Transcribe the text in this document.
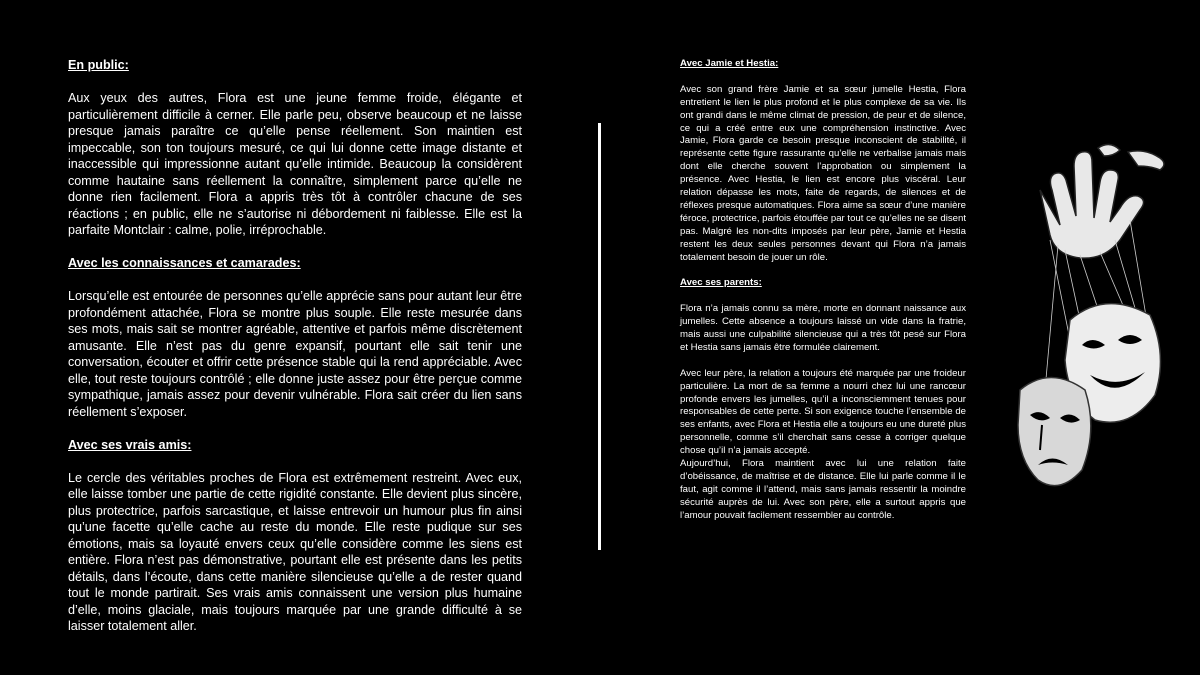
En public:

Aux yeux des autres, Flora est une jeune femme froide, élégante et particulièrement difficile à cerner. Elle parle peu, observe beaucoup et ne laisse presque jamais paraître ce qu’elle pense réellement. Son maintien est impeccable, son ton toujours mesuré, ce qui lui donne cette image distante et inaccessible qui impressionne autant qu’elle intimide. Beaucoup la considèrent comme hautaine sans réellement la connaître, simplement parce qu’elle ne donne rien facilement. Flora a appris très tôt à contrôler chacune de ses réactions ; en public, elle ne s’autorise ni débordement ni faiblesse. Elle est la parfaite Montclair : calme, polie, irréprochable.

Avec les connaissances et camarades:

Lorsqu’elle est entourée de personnes qu’elle apprécie sans pour autant leur être profondément attachée, Flora se montre plus souple. Elle reste mesurée dans ses mots, mais sait se montrer agréable, attentive et parfois même discrètement amusante. Elle n’est pas du genre expansif, pourtant elle sait tenir une conversation, écouter et offrir cette présence stable qui la rend appréciable. Avec elle, tout reste toujours contrôlé ; elle donne juste assez pour être perçue comme sympathique, jamais assez pour devenir vulnérable. Flora sait créer du lien sans réellement s’exposer.

Avec ses vrais amis:

Le cercle des véritables proches de Flora est extrêmement restreint. Avec eux, elle laisse tomber une partie de cette rigidité constante. Elle devient plus sincère, plus protectrice, parfois sarcastique, et laisse entrevoir un humour plus fin ainsi qu’une facette qu’elle cache au reste du monde. Elle reste pudique sur ses émotions, mais sa loyauté envers ceux qu’elle considère comme les siens est entière. Flora n’est pas démonstrative, pourtant elle est présente dans les petits détails, dans l’écoute, dans cette manière silencieuse qu’elle a de rester quand tout le monde partirait. Ses vrais amis connaissent une version plus humaine d’elle, moins glaciale, mais toujours marquée par une grande difficulté à se laisser totalement aller.

Avec Jamie et Hestia:

Avec son grand frère Jamie et sa sœur jumelle Hestia, Flora entretient le lien le plus profond et le plus complexe de sa vie. Ils ont grandi dans le même climat de pression, de peur et de silence, ce qui a créé entre eux une compréhension instinctive. Avec Jamie, Flora garde ce besoin presque inconscient de stabilité, il représente cette figure rassurante qu’elle ne verbalise jamais mais dont elle cherche souvent l’approbation ou simplement la présence. Avec Hestia, le lien est encore plus viscéral. Leur relation dépasse les mots, faite de regards, de silences et de réflexes presque automatiques. Flora aime sa sœur d’une manière féroce, protectrice, parfois étouffée par tout ce qu’elles ne se disent pas. Malgré les non-dits imposés par leur père, Jamie et Hestia restent les deux seules personnes devant qui Flora n’a jamais totalement besoin de jouer un rôle.

Avec ses parents:

Flora n’a jamais connu sa mère, morte en donnant naissance aux jumelles. Cette absence a toujours laissé un vide dans la fratrie, mais aussi une culpabilité silencieuse qui a très tôt pesé sur Flora et Hestia sans jamais être formulée clairement.

Avec leur père, la relation a toujours été marquée par une froideur particulière. La mort de sa femme a nourri chez lui une rancœur profonde envers les jumelles, qu’il a inconsciemment tenues pour responsables de cette perte. Si son exigence touche l’ensemble de ses enfants, avec Flora et Hestia elle a toujours eu une dureté plus personnelle, comme s’il cherchait sans cesse à corriger quelque chose qu’il n’a jamais accepté.
Aujourd’hui, Flora maintient avec lui une relation faite d’obéissance, de maîtrise et de distance. Elle lui parle comme il le faut, agit comme il l’attend, mais sans jamais ressentir la moindre sécurité auprès de lui. Avec son père, elle a surtout appris que l’amour pouvait facilement ressembler au contrôle.
